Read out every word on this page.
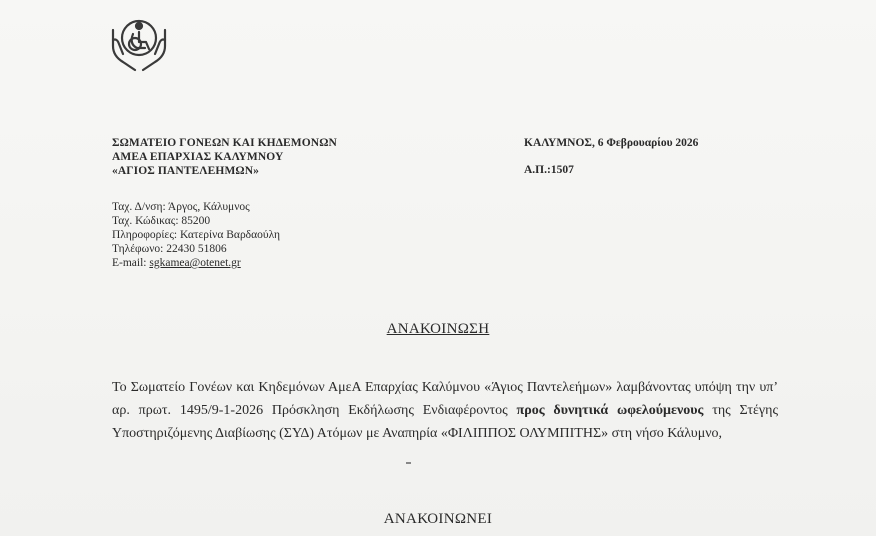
ΣΩΜΑΤΕΙΟ ΓΟΝΕΩΝ ΚΑΙ ΚΗΔΕΜΟΝΩΝ
ΑΜΕΑ ΕΠΑΡΧΙΑΣ ΚΑΛΥΜΝΟΥ
«ΑΓΙΟΣ ΠΑΝΤΕΛΕΗΜΩΝ»
Ταχ. Δ/νση: Άργος, Κάλυμνος
Ταχ. Κώδικας: 85200
Πληροφορίες: Κατερίνα Βαρδαούλη
Τηλέφωνο: 22430 51806
E-mail: sgkamea@otenet.gr
ΚΑΛΥΜΝΟΣ, 6 Φεβρουαρίου 2026
Α.Π.:1507
ΑΝΑΚΟΙΝΩΣΗ
Το Σωματείο Γονέων και Κηδεμόνων ΑμεΑ Επαρχίας Καλύμνου «Άγιος Παντελεήμων» λαμβάνοντας υπόψη την υπ’ αρ. πρωτ. 1495/9-1-2026 Πρόσκληση Εκδήλωσης Ενδιαφέροντος προς δυνητικά ωφελούμενους της Στέγης Υποστηριζόμενης Διαβίωσης (ΣΥΔ) Ατόμων με Αναπηρία «ΦΙΛΙΠΠΟΣ ΟΛΥΜΠΙΤΗΣ» στη νήσο Κάλυμνο,
ΑΝΑΚΟΙΝΩΝΕΙ
